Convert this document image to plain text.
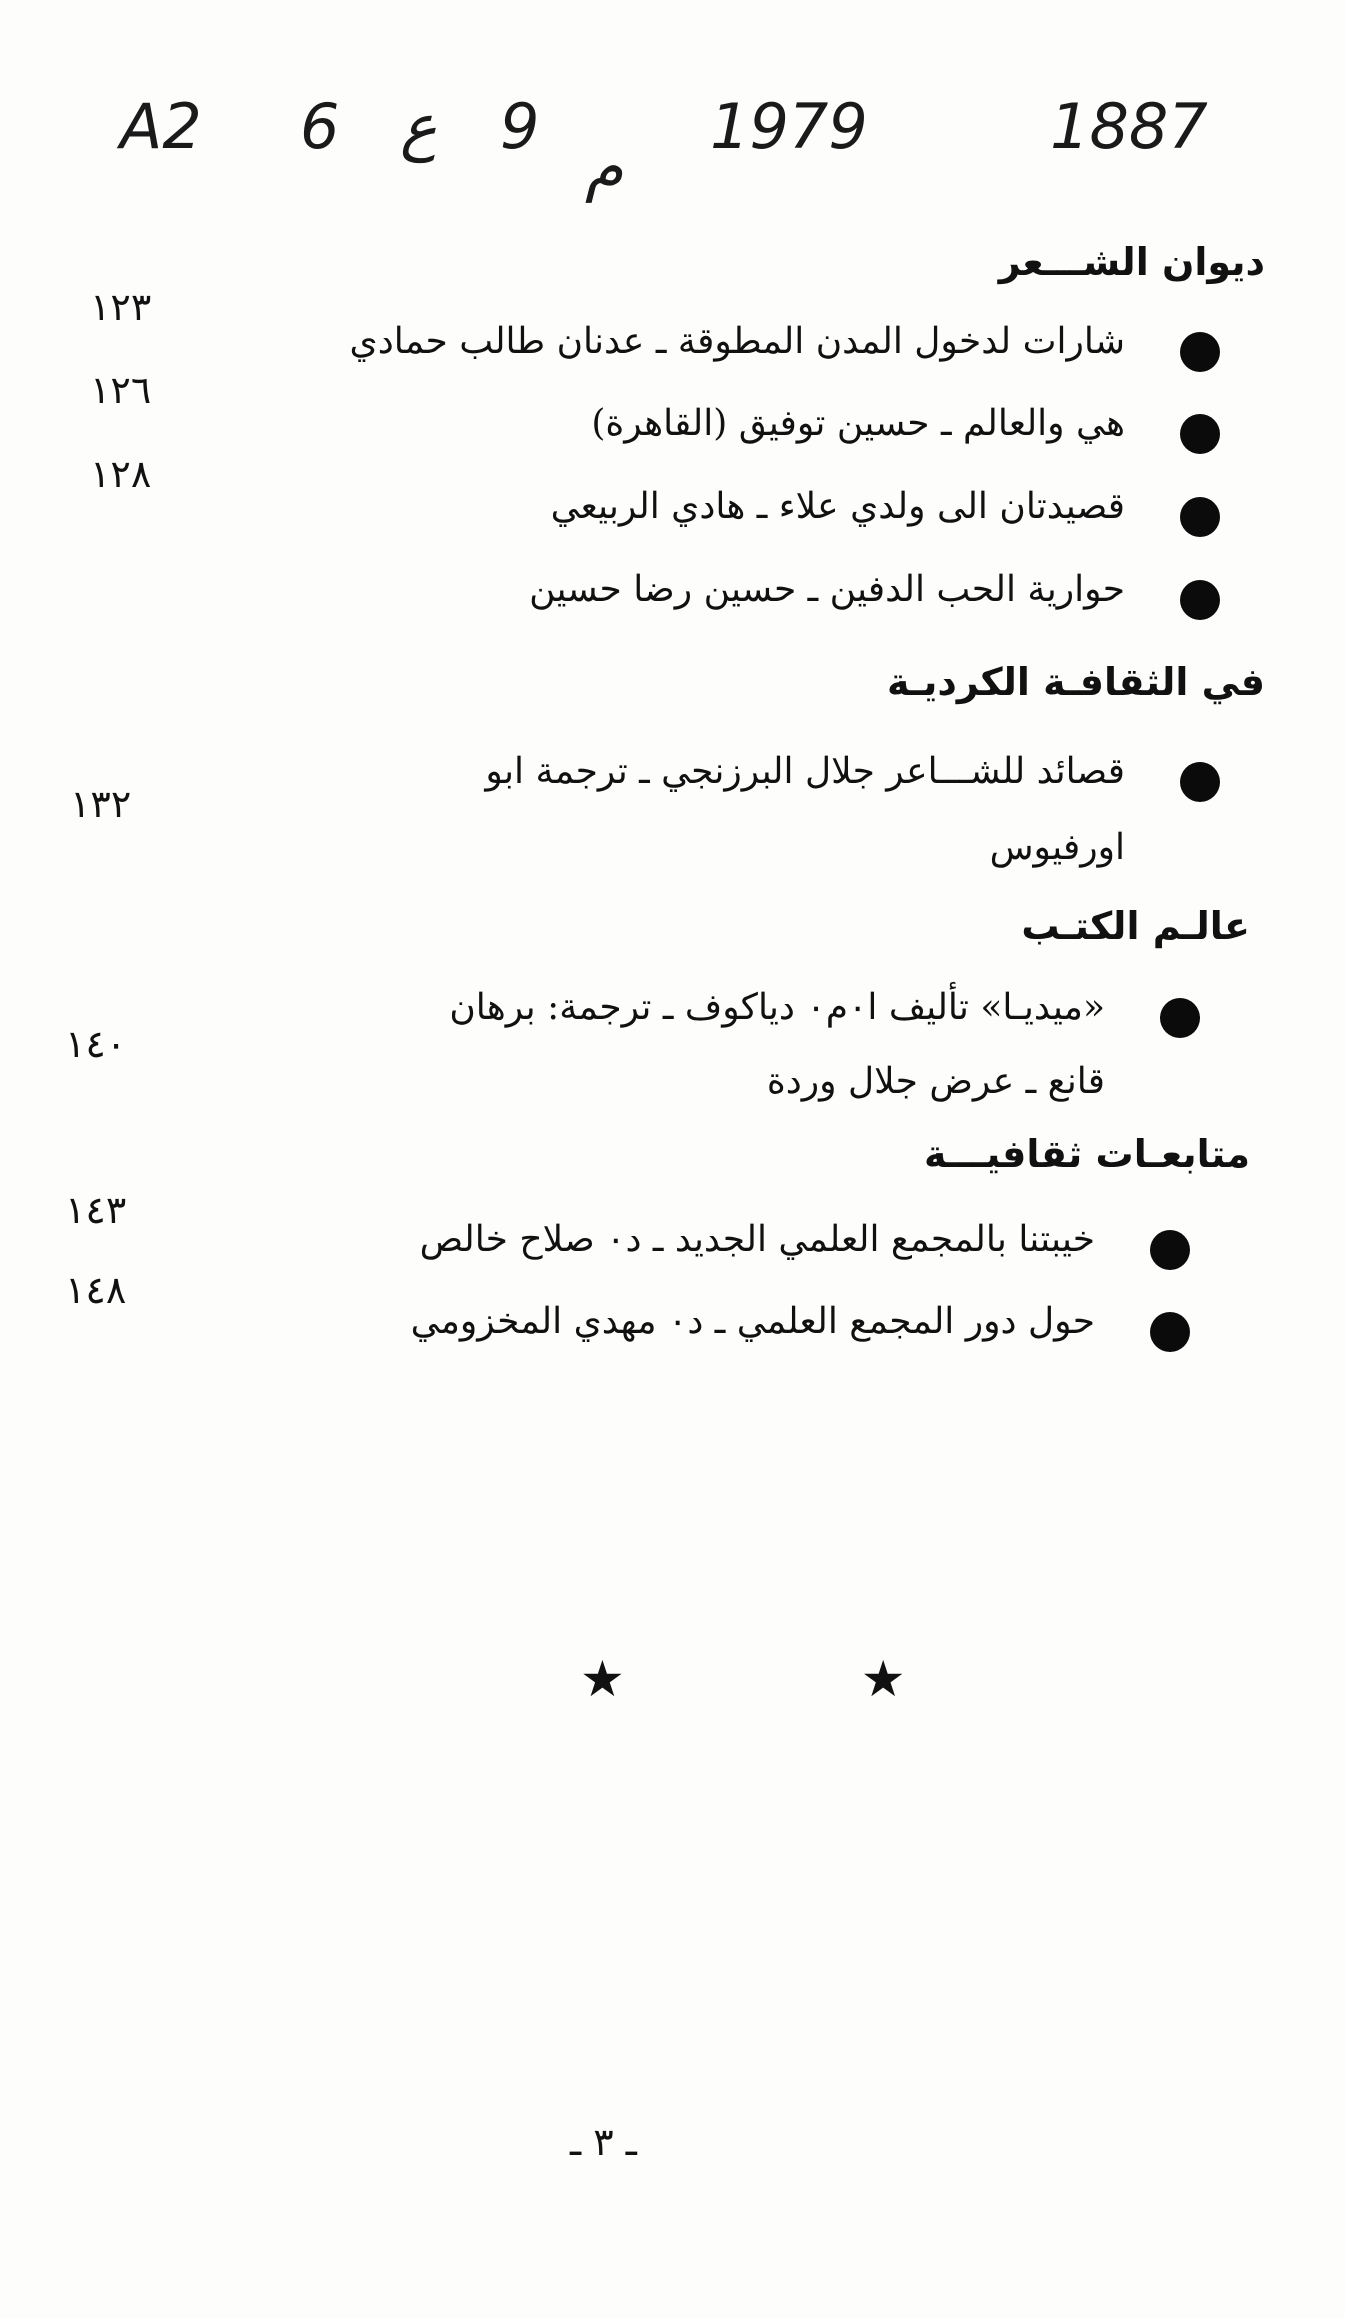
A2 6 ع 9
م
1979	1887
ديوان الشـــعر
١٢٣
شارات لدخول المدن المطوقة ـ عدنان طالب حمادي
١٢٦
هي والعالم ـ حسين توفيق (القاهرة)
١٢٨
قصيدتان الى ولدي علاء ـ هادي الربيعي
حوارية الحب الدفين ـ حسين رضا حسين
في الثقافـة الكرديـة
قصائد للشـــاعر جلال البرزنجي ـ ترجمة ابو
١٣٢
اورفيوس
عالـم الكتـب
«ميديـا» تأليف ا٠م٠ دياكوف ـ ترجمة: برهان
١٤٠
قانع ـ عرض جلال وردة
متابعـات ثقافيـــة
١٤٣
خيبتنا بالمجمع العلمي الجديد ـ د٠ صلاح خالص
١٤٨
حول دور المجمع العلمي ـ د٠ مهدي المخزومي
★ ★
ـ ٣ ـ
